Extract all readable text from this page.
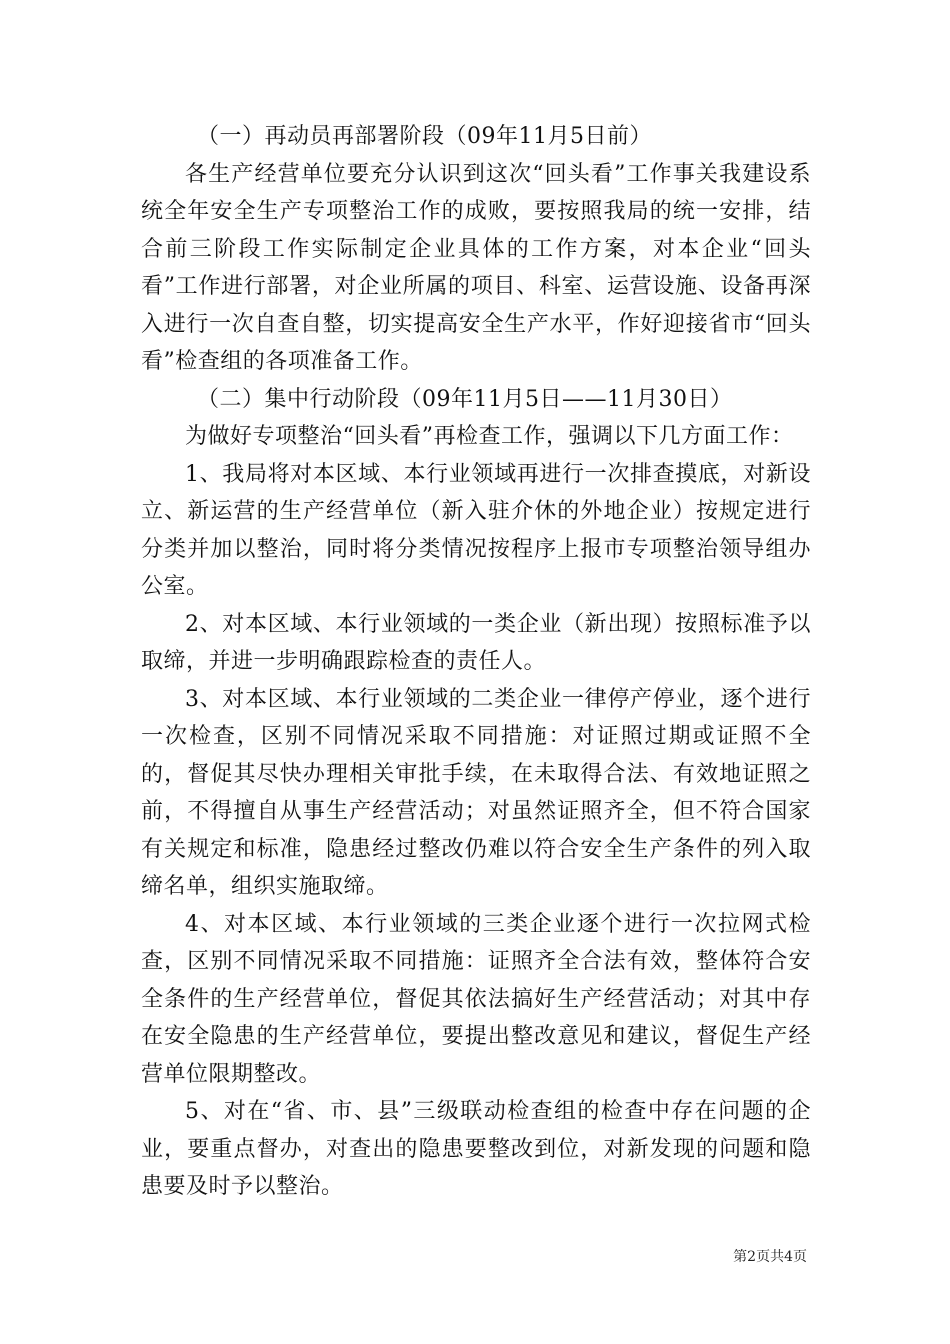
（一）再动员再部署阶段（09年11月5日前）

各生产经营单位要充分认识到这次“回头看”工作事关我建设系统全年安全生产专项整治工作的成败，要按照我局的统一安排，结合前三阶段工作实际制定企业具体的工作方案，对本企业“回头看”工作进行部署，对企业所属的项目、科室、运营设施、设备再深入进行一次自查自整，切实提高安全生产水平，作好迎接省市“回头看”检查组的各项准备工作。

（二）集中行动阶段（09年11月5日——11月30日）

为做好专项整治“回头看”再检查工作，强调以下几方面工作：

1、我局将对本区域、本行业领域再进行一次排查摸底，对新设立、新运营的生产经营单位（新入驻介休的外地企业）按规定进行分类并加以整治，同时将分类情况按程序上报市专项整治领导组办公室。

2、对本区域、本行业领域的一类企业（新出现）按照标准予以取缔，并进一步明确跟踪检查的责任人。

3、对本区域、本行业领域的二类企业一律停产停业，逐个进行一次检查，区别不同情况采取不同措施：对证照过期或证照不全的，督促其尽快办理相关审批手续，在未取得合法、有效地证照之前，不得擅自从事生产经营活动；对虽然证照齐全，但不符合国家有关规定和标准，隐患经过整改仍难以符合安全生产条件的列入取缔名单，组织实施取缔。

4、对本区域、本行业领域的三类企业逐个进行一次拉网式检查，区别不同情况采取不同措施：证照齐全合法有效，整体符合安全条件的生产经营单位，督促其依法搞好生产经营活动；对其中存在安全隐患的生产经营单位，要提出整改意见和建议，督促生产经营单位限期整改。

5、对在“省、市、县”三级联动检查组的检查中存在问题的企业，要重点督办，对查出的隐患要整改到位，对新发现的问题和隐患要及时予以整治。

第2页共4页
